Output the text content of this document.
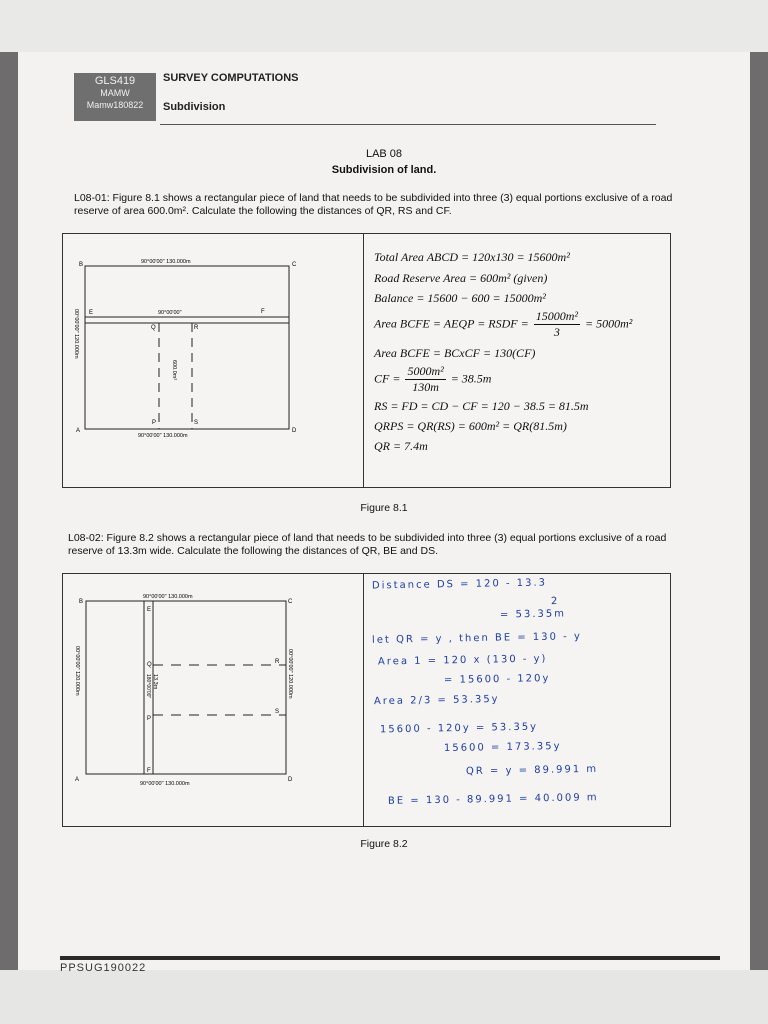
GLS419
MAMW
Mamw180822
SURVEY COMPUTATIONS
Subdivision
LAB 08
Subdivision of land.
L08-01: Figure 8.1 shows a rectangular piece of land that needs to be subdivided into three (3) equal portions exclusive of a road reserve of area 600.0m². Calculate the following the distances of QR, RS and CF.
B	C
A	D
E	F
Q	R
P	S
90°00'00" 130.000m
90°00'00"
90°00'00" 130.000m
00°00'00" 120.000m
600.0m²
Total Area ABCD = 120x130 = 15600m²
Road Reserve Area = 600m² (given)
Balance = 15600 − 600 = 15000m²
Area BCFE = AEQP = RSDF = $\frac{\text{15000m²}}{3} = 5000m^2$
Area BCFE = BCxCF = 130(CF)
CF = $\frac{\text{5000m²}}{130m} = 38.5m$
RS = FD = CD − CF = 120 − 38.5 = 81.5m
QRPS = QR(RS) = 600m² = QR(81.5m)
QR = 7.4m
Figure 8.1
L08-02: Figure 8.2 shows a rectangular piece of land that needs to be subdivided into three (3) equal portions exclusive of a road reserve of 13.3m wide. Calculate the following the distances of QR, BE and DS.
B	C
A	D
E
F
Q	R
P
S
90°00'00" 130.000m
90°00'00" 130.000m
00°00'00" 120.000m	00°00'00" 120.000m
13.3m
180°00'00"
Distance DS = 120 - 13.3
2
= 53.35m
let QR = y , then BE = 130 - y
Area 1 = 120 x (130 - y)
= 15600 - 120y
Area 2/3 = 53.35y
15600 - 120y = 53.35y
15600 = 173.35y
QR = y = 89.991 m
BE = 130 - 89.991 = 40.009 m
Figure 8.2
PPSUG190022
